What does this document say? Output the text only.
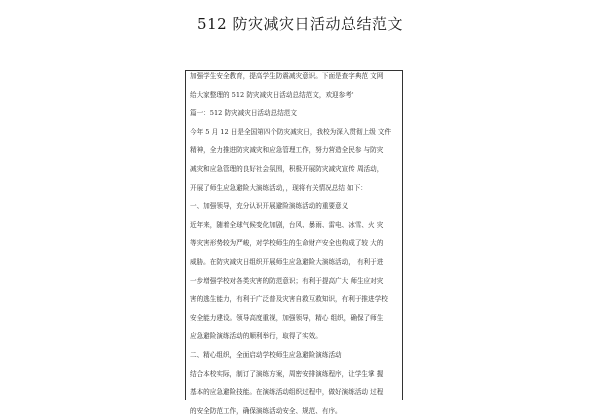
512 防灾减灾日活动总结范文

加强学生安全教育，提高学生防震减灾意识。下面是查字典范 文网
给大家整理的 512 防灾减灾日活动总结范文，欢迎参考'
篇一：512 防灾减灾日活动总结范文
今年 5 月 12 日是全国第四个防灾减灾日，我校为深入贯彻上级 文件
精神，全力推进防灾减灾和应急管理工作，努力营造全民参 与防灾
减灾和应急管理的良好社会氛围，积极开展防灾减灾宣传 周活动，
开展了师生应急避险大演练活动，，现将有关情况总结 如下：
一、加强领导，充分认识开展避险演练活动的重要意义
近年来，随着全球气候变化加剧，台风、暴雨、雷电、冰雪、火 灾
等灾害形势较为严峻，对学校师生的生命财产安全也构成了较 大的
威胁。在防灾减灾日组织开展师生应急避险大演练活动， 有利于进
一步增强学校对各类灾害的防范意识；有利于提高广大 师生应对灾
害的逃生能力，有利于广泛普及灾害自救互救知识，有利于推进学校
安全能力建设。领导高度重视，加强领导，精心 组织，确保了师生
应急避险演练活动的顺利举行，取得了实效。
二、精心组织，全面启动学校师生应急避险演练活动
结合本校实际，制订了演练方案，周密安排演练程序，让学生掌 握
基本的应急避险技能。在演练活动组织过程中，做好演练活动 过程
的安全防范工作，确保演练活动安全、规范、有序。
